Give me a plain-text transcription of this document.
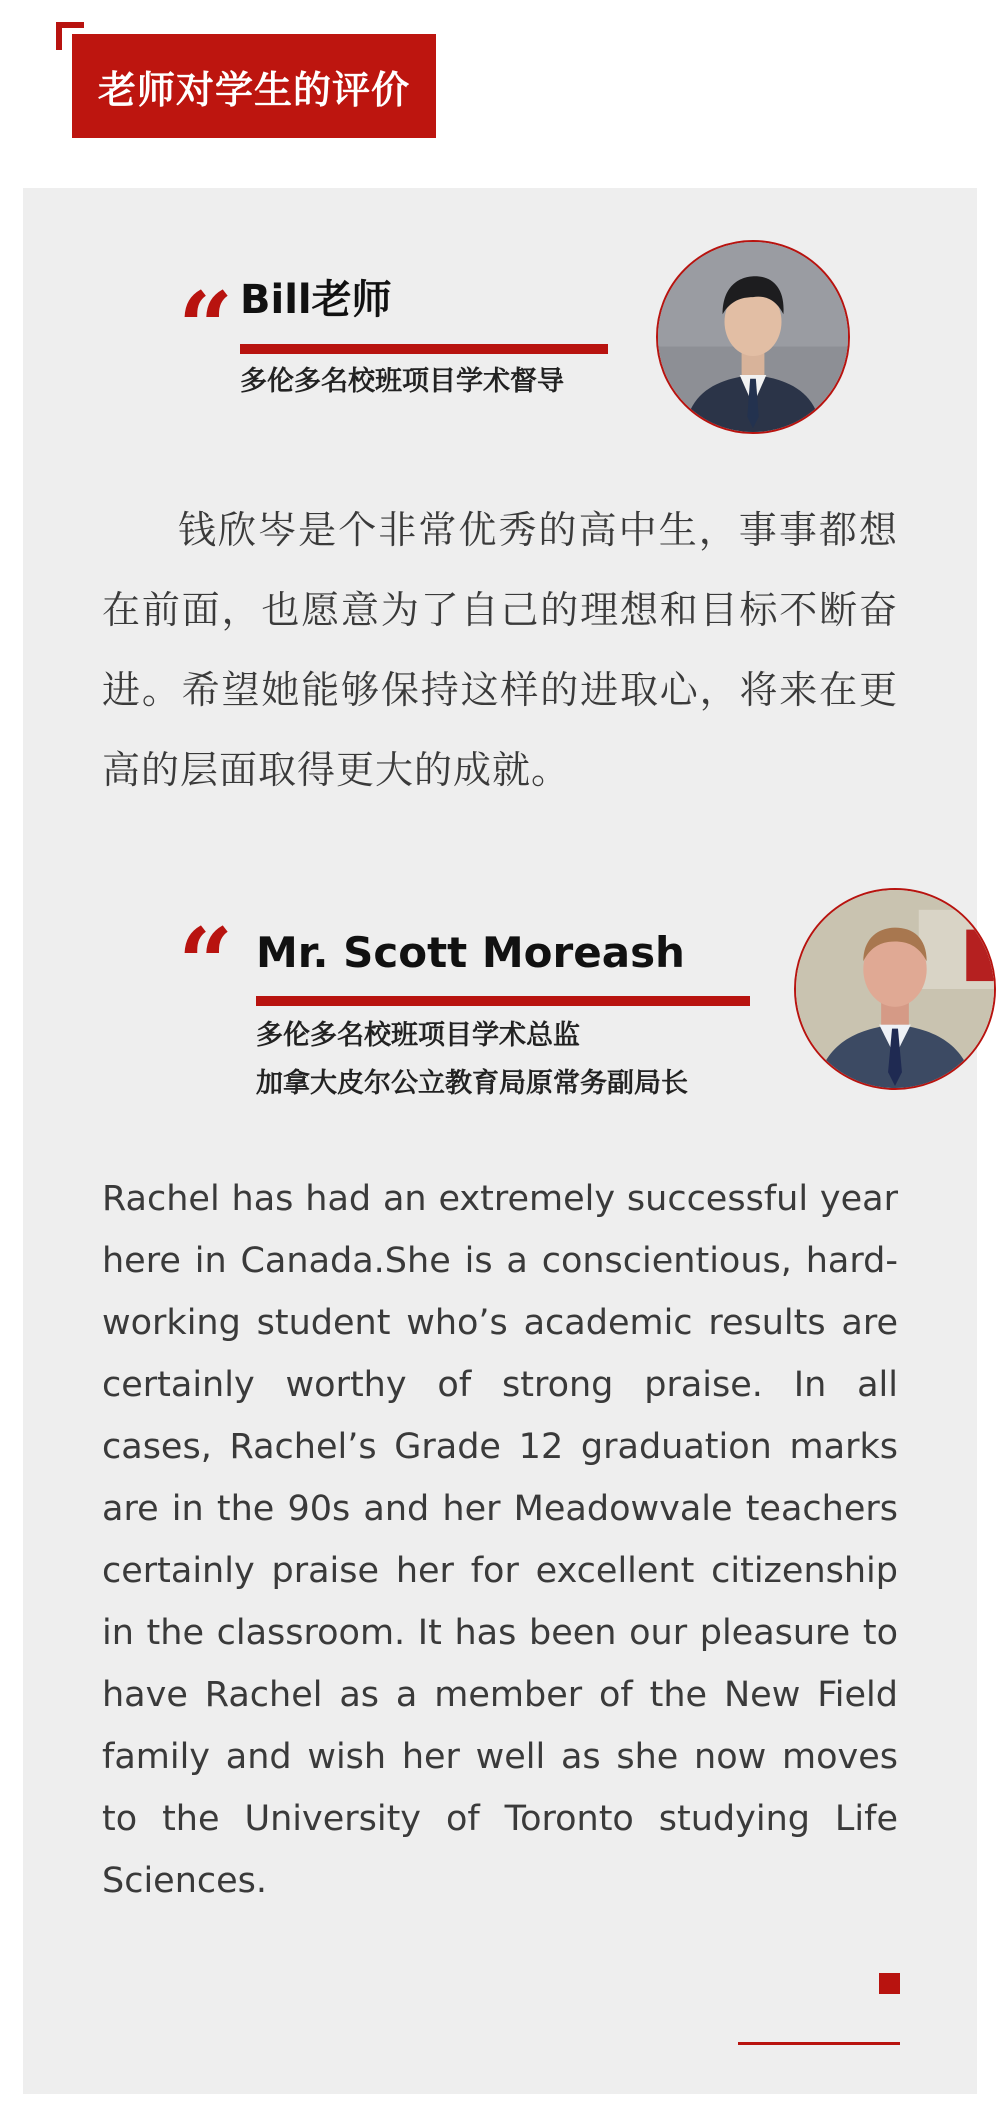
老师对学生的评价
“ Bill老师
多伦多名校班项目学术督导

钱欣岑是个非常优秀的高中生，事事都想在前面，也愿意为了自己的理想和目标不断奋进。希望她能够保持这样的进取心，将来在更高的层面取得更大的成就。

“ Mr. Scott Moreash
多伦多名校班项目学术总监
加拿大皮尔公立教育局原常务副局长

Rachel has had an extremely successful year here in Canada.She is a conscientious, hard-working student who’s academic results are certainly worthy of strong praise. In all cases, Rachel’s Grade 12 graduation marks are in the 90s and her Meadowvale teachers certainly praise her for excellent citizenship in the classroom. It has been our pleasure to have Rachel as a member of the New Field family and wish her well as she now moves to the University of Toronto studying Life Sciences.
